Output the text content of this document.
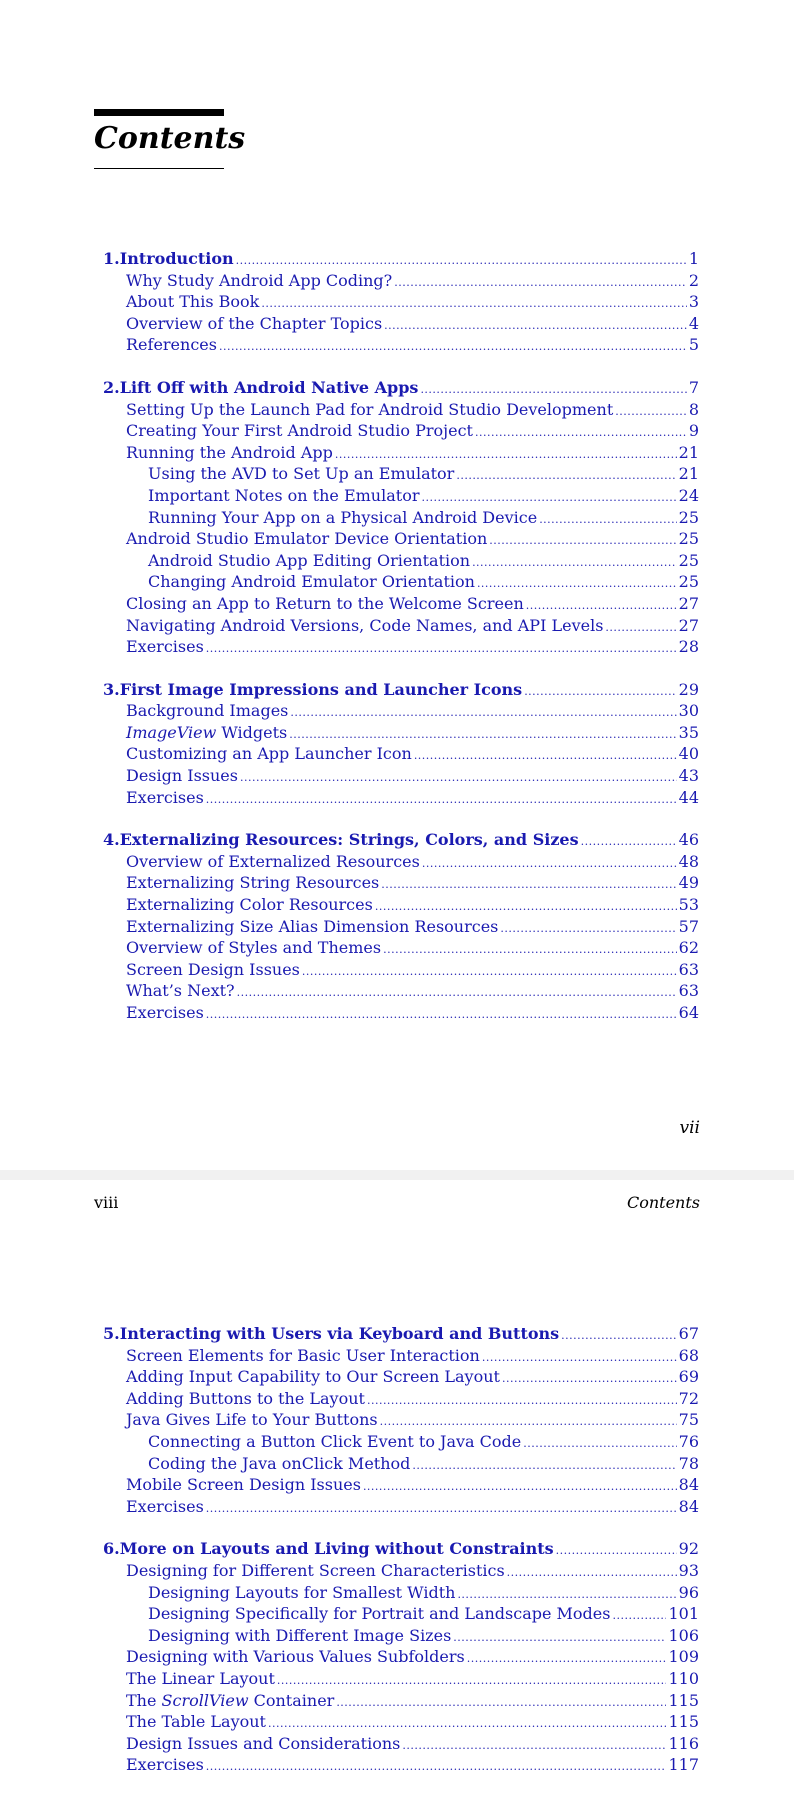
Contents
1. Introduction .....	1
Why Study Android App Coding? .....	2
About This Book .....	3
Overview of the Chapter Topics .....	4
References .....	5
2. Lift Off with Android Native Apps .....	7
Setting Up the Launch Pad for Android Studio Development .....	8
Creating Your First Android Studio Project .....	9
Running the Android App .....	21
Using the AVD to Set Up an Emulator .....	21
Important Notes on the Emulator .....	24
Running Your App on a Physical Android Device .....	25
Android Studio Emulator Device Orientation .....	25
Android Studio App Editing Orientation .....	25
Changing Android Emulator Orientation .....	25
Closing an App to Return to the Welcome Screen .....	27
Navigating Android Versions, Code Names, and API Levels .....	27
Exercises .....	28
3. First Image Impressions and Launcher Icons .....	29
Background Images .....	30
ImageView Widgets .....	35
Customizing an App Launcher Icon .....	40
Design Issues .....	43
Exercises .....	44
4. Externalizing Resources: Strings, Colors, and Sizes .....	46
Overview of Externalized Resources .....	48
Externalizing String Resources .....	49
Externalizing Color Resources .....	53
Externalizing Size Alias Dimension Resources .....	57
Overview of Styles and Themes .....	62
Screen Design Issues .....	63
What’s Next? .....	63
Exercises .....	64
vii
viii	Contents
5. Interacting with Users via Keyboard and Buttons .....	67
Screen Elements for Basic User Interaction .....	68
Adding Input Capability to Our Screen Layout .....	69
Adding Buttons to the Layout .....	72
Java Gives Life to Your Buttons .....	75
Connecting a Button Click Event to Java Code .....	76
Coding the Java onClick Method .....	78
Mobile Screen Design Issues .....	84
Exercises .....	84
6. More on Layouts and Living without Constraints .....	92
Designing for Different Screen Characteristics .....	93
Designing Layouts for Smallest Width .....	96
Designing Specifically for Portrait and Landscape Modes .....	101
Designing with Different Image Sizes .....	106
Designing with Various Values Subfolders .....	109
The Linear Layout .....	110
The ScrollView Container .....	115
The Table Layout .....	115
Design Issues and Considerations .....	116
Exercises .....	117
